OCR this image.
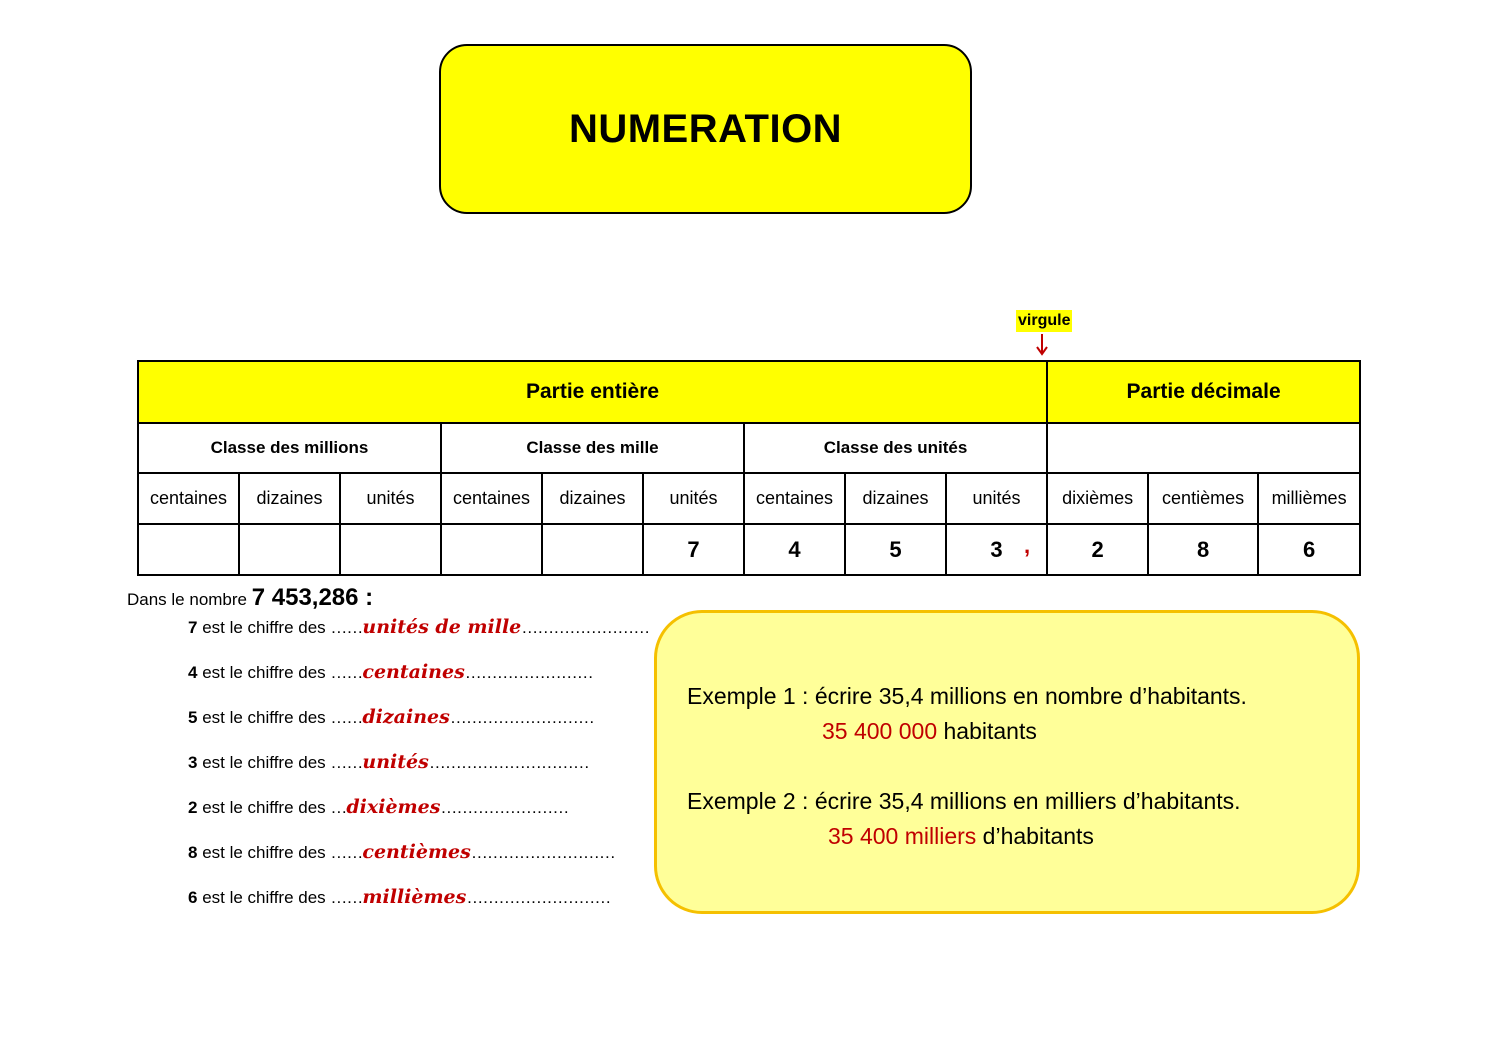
NUMERATION
virgule
Partie entière									Partie décimale		
Classe des millions			Classe des mille			Classe des unités					
centaines	dizaines	unités	centaines	dizaines	unités	centaines	dizaines	unités	dixièmes	centièmes	millièmes
					7	4	5	3 ,	2	8	6
Dans le nombre 7 453,286 :
7 est le chiffre des ……unités de mille……………………
4 est le chiffre des ……centaines……………………
5 est le chiffre des ……dizaines………………………
3 est le chiffre des ……unités…………………………
2 est le chiffre des …dixièmes……………………
8 est le chiffre des ……centièmes………………………
6 est le chiffre des ……millièmes………………………
Exemple 1 : écrire 35,4 millions en nombre d’habitants.
35 400 000 habitants
Exemple 2 : écrire 35,4 millions en milliers d’habitants.
35 400 milliers d’habitants
